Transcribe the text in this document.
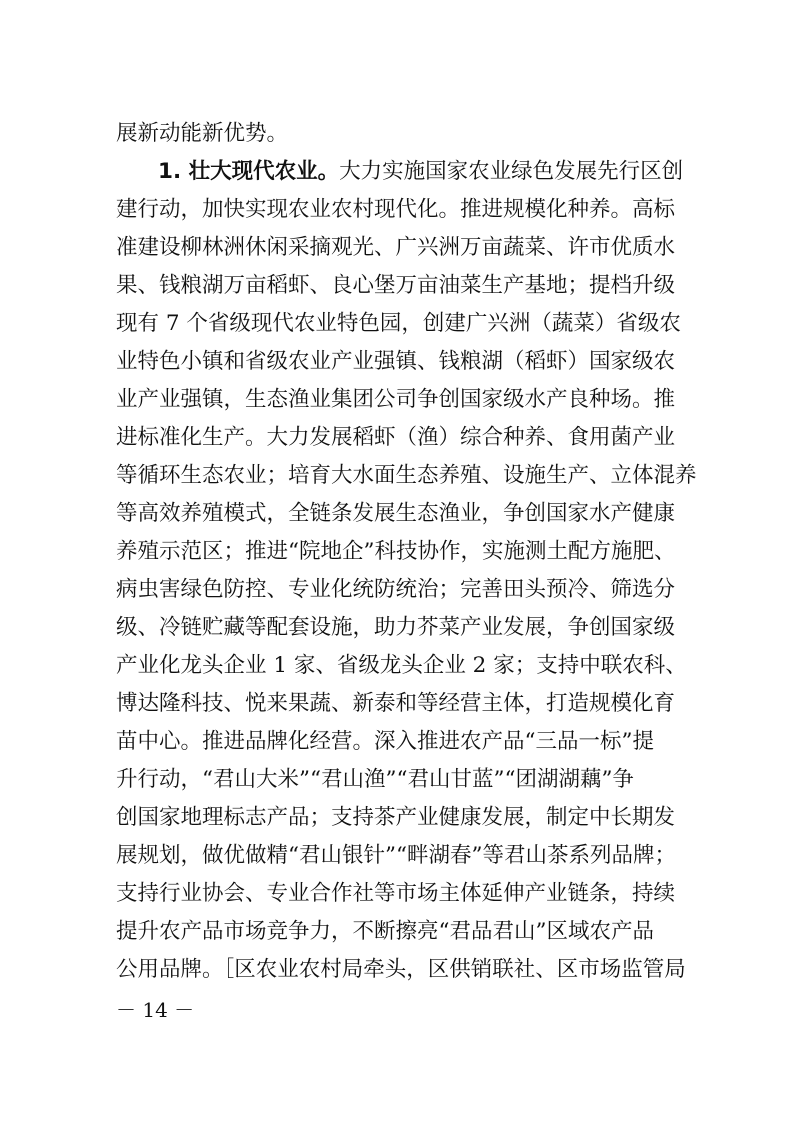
展新动能新优势。
1. 壮大现代农业。大力实施国家农业绿色发展先行区创
建行动，加快实现农业农村现代化。推进规模化种养。高标
准建设柳林洲休闲采摘观光、广兴洲万亩蔬菜、许市优质水
果、钱粮湖万亩稻虾、良心堡万亩油菜生产基地；提档升级
现有 7 个省级现代农业特色园，创建广兴洲（蔬菜）省级农
业特色小镇和省级农业产业强镇、钱粮湖（稻虾）国家级农
业产业强镇，生态渔业集团公司争创国家级水产良种场。推
进标准化生产。大力发展稻虾（渔）综合种养、食用菌产业
等循环生态农业；培育大水面生态养殖、设施生产、立体混养
等高效养殖模式，全链条发展生态渔业，争创国家水产健康
养殖示范区；推进“院地企”科技协作，实施测土配方施肥、
病虫害绿色防控、专业化统防统治；完善田头预冷、筛选分
级、冷链贮藏等配套设施，助力芥菜产业发展，争创国家级
产业化龙头企业 1 家、省级龙头企业 2 家；支持中联农科、
博达隆科技、悦来果蔬、新泰和等经营主体，打造规模化育
苗中心。推进品牌化经营。深入推进农产品“三品一标”提
升行动，“君山大米”“君山渔”“君山甘蓝”“团湖湖藕”争
创国家地理标志产品；支持茶产业健康发展，制定中长期发
展规划，做优做精“君山银针”“畔湖春”等君山茶系列品牌；
支持行业协会、专业合作社等市场主体延伸产业链条，持续
提升农产品市场竞争力，不断擦亮“君品君山”区域农产品
公用品牌。［区农业农村局牵头，区供销联社、区市场监管局
－ 14 －
